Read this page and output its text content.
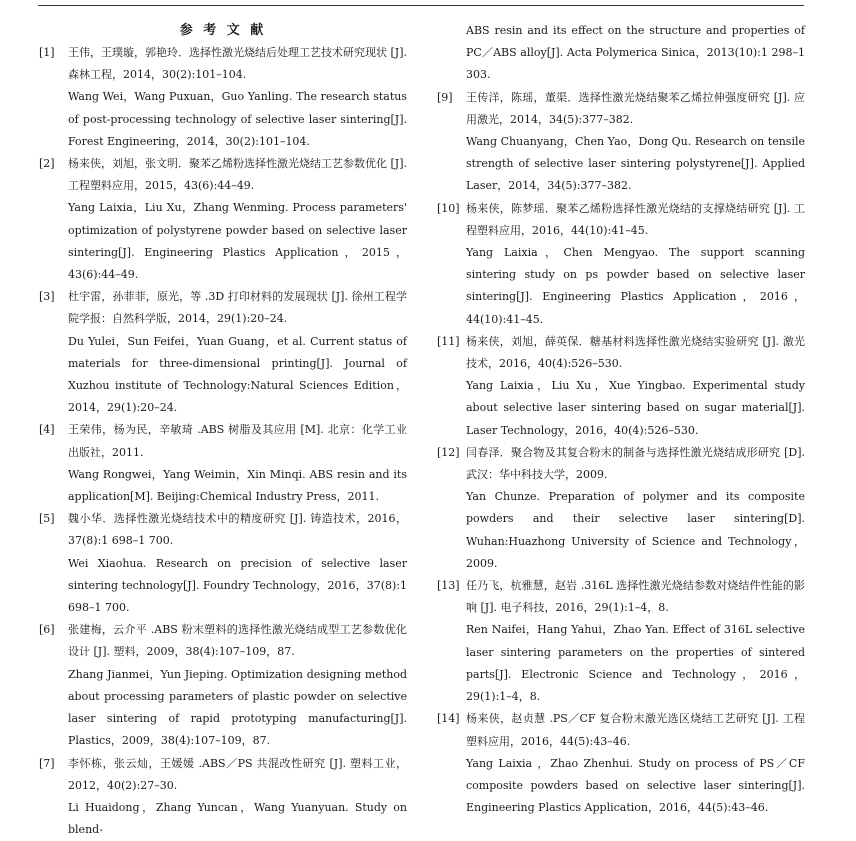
参 考 文 献
[1]	王伟，王璞璇，郭艳玲．选择性激光烧结后处理工艺技术研究现状 [J]. 森林工程，2014，30(2):101–104.
Wang Wei，Wang Puxuan，Guo Yanling. The research status of post-processing technology of selective laser sintering[J]. Forest Engineering，2014，30(2):101–104.
[2]	杨来侠，刘旭，张文明．聚苯乙烯粉选择性激光烧结工艺参数优化 [J]. 工程塑料应用，2015，43(6):44–49.
Yang Laixia，Liu Xu，Zhang Wenming. Process parameters' optimization of polystyrene powder based on selective laser sintering[J]. Engineering Plastics Application，2015，43(6):44–49.
[3]	杜宇雷，孙菲菲，原光，等 .3D 打印材料的发展现状 [J]. 徐州工程学院学报：自然科学版，2014，29(1):20–24.
Du Yulei，Sun Feifei，Yuan Guang，et al. Current status of materials for three-dimensional printing[J]. Journal of Xuzhou institute of Technology:Natural Sciences Edition，2014，29(1):20–24.
[4]	王荣伟，杨为民，辛敏琦 .ABS 树脂及其应用 [M]. 北京：化学工业出版社，2011.
Wang Rongwei，Yang Weimin，Xin Minqi. ABS resin and its application[M]. Beijing:Chemical Industry Press，2011.
[5]	魏小华．选择性激光烧结技术中的精度研究 [J]. 铸造技术，2016，37(8):1 698–1 700.
Wei Xiaohua. Research on precision of selective laser sintering technology[J]. Foundry Technology，2016，37(8):1 698–1 700.
[6]	张建梅，云介平 .ABS 粉末塑料的选择性激光烧结成型工艺参数优化设计 [J]. 塑料，2009，38(4):107–109，87.
Zhang Jianmei，Yun Jieping. Optimization designing method about processing parameters of plastic powder on selective laser sintering of rapid prototyping manufacturing[J]. Plastics，2009，38(4):107–109，87.
[7]	李怀栋，张云灿，王媛媛 .ABS／PS 共混改性研究 [J]. 塑料工业，2012，40(2):27–30.
Li Huaidong，Zhang Yuncan，Wang Yuanyuan. Study on blend-
ABS resin and its effect on the structure and properties of PC／ABS alloy[J]. Acta Polymerica Sinica，2013(10):1 298–1 303.
[9]	王传洋，陈瑶，董渠．选择性激光烧结聚苯乙烯拉伸强度研究 [J]. 应用激光，2014，34(5):377–382.
Wang Chuanyang，Chen Yao，Dong Qu. Research on tensile strength of selective laser sintering polystyrene[J]. Applied Laser，2014，34(5):377–382.
[10] 杨来侠，陈梦瑶．聚苯乙烯粉选择性激光烧结的支撑烧结研究 [J]. 工程塑料应用，2016，44(10):41–45.
Yang Laixia，Chen Mengyao. The support scanning sintering study on ps powder based on selective laser sintering[J]. Engineering Plastics Application，2016，44(10):41–45.
[11] 杨来侠，刘旭，薛英保．糖基材料选择性激光烧结实验研究 [J]. 激光技术，2016，40(4):526–530.
Yang Laixia，Liu Xu，Xue Yingbao. Experimental study about selective laser sintering based on sugar material[J]. Laser Technology，2016，40(4):526–530.
[12] 闫春泽．聚合物及其复合粉末的制备与选择性激光烧结成形研究 [D]. 武汉：华中科技大学，2009.
Yan Chunze. Preparation of polymer and its composite powders and their selective laser sintering[D]. Wuhan:Huazhong University of Science and Technology，2009.
[13] 任乃飞，杭雅慧，赵岩 .316L 选择性激光烧结参数对烧结件性能的影响 [J]. 电子科技，2016，29(1):1–4，8.
Ren Naifei，Hang Yahui，Zhao Yan. Effect of 316L selective laser sintering parameters on the properties of sintered parts[J]. Electronic Science and Technology，2016，29(1):1–4，8.
[14] 杨来侠，赵贞慧 .PS／CF 复合粉末激光选区烧结工艺研究 [J]. 工程塑料应用，2016，44(5):43–46.
Yang Laixia ，Zhao Zhenhui. Study on process of PS／CF composite powders based on selective laser sintering[J]. Engineering Plastics Application，2016，44(5):43–46.
